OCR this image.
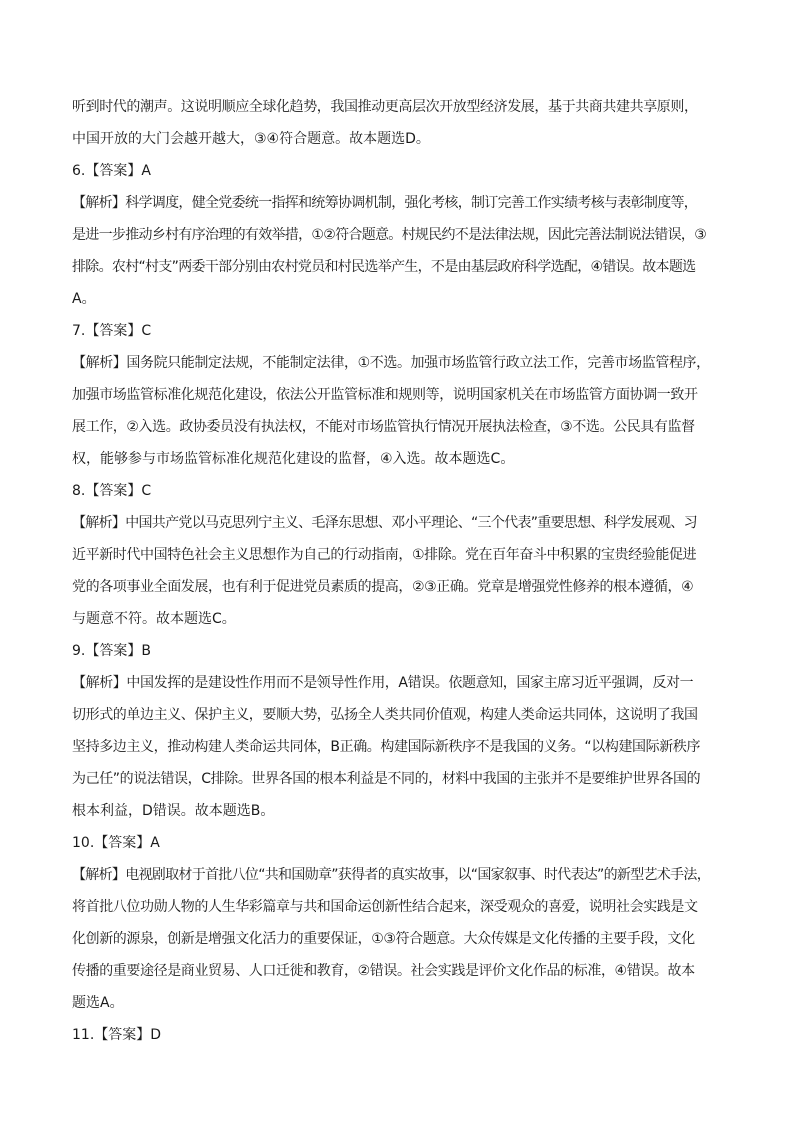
听到时代的潮声。这说明顺应全球化趋势，我国推动更高层次开放型经济发展，基于共商共建共享原则，
中国开放的大门会越开越大，③④符合题意。故本题选D。
6.【答案】A
【解析】科学调度，健全党委统一指挥和统筹协调机制，强化考核，制订完善工作实绩考核与表彰制度等，
是进一步推动乡村有序治理的有效举措，①②符合题意。村规民约不是法律法规，因此完善法制说法错误，③
排除。农村“村支”两委干部分别由农村党员和村民选举产生，不是由基层政府科学选配，④错误。故本题选
A。
7.【答案】C
【解析】国务院只能制定法规，不能制定法律，①不选。加强市场监管行政立法工作，完善市场监管程序，
加强市场监管标准化规范化建设，依法公开监管标准和规则等，说明国家机关在市场监管方面协调一致开
展工作，②入选。政协委员没有执法权，不能对市场监管执行情况开展执法检查，③不选。公民具有监督
权，能够参与市场监管标准化规范化建设的监督，④入选。故本题选C。
8.【答案】C
【解析】中国共产党以马克思列宁主义、毛泽东思想、邓小平理论、“三个代表”重要思想、科学发展观、习
近平新时代中国特色社会主义思想作为自己的行动指南，①排除。党在百年奋斗中积累的宝贵经验能促进
党的各项事业全面发展，也有利于促进党员素质的提高，②③正确。党章是增强党性修养的根本遵循，④
与题意不符。故本题选C。
9.【答案】B
【解析】中国发挥的是建设性作用而不是领导性作用，A错误。依题意知，国家主席习近平强调，反对一
切形式的单边主义、保护主义，要顺大势，弘扬全人类共同价值观，构建人类命运共同体，这说明了我国
坚持多边主义，推动构建人类命运共同体，B正确。构建国际新秩序不是我国的义务。“以构建国际新秩序
为己任”的说法错误，C排除。世界各国的根本利益是不同的，材料中我国的主张并不是要维护世界各国的
根本利益，D错误。故本题选B。
10.【答案】A
【解析】电视剧取材于首批八位“共和国勋章”获得者的真实故事，以“国家叙事、时代表达”的新型艺术手法，
将首批八位功勋人物的人生华彩篇章与共和国命运创新性结合起来，深受观众的喜爱，说明社会实践是文
化创新的源泉，创新是增强文化活力的重要保证，①③符合题意。大众传媒是文化传播的主要手段，文化
传播的重要途径是商业贸易、人口迁徙和教育，②错误。社会实践是评价文化作品的标准，④错误。故本
题选A。
11.【答案】D
